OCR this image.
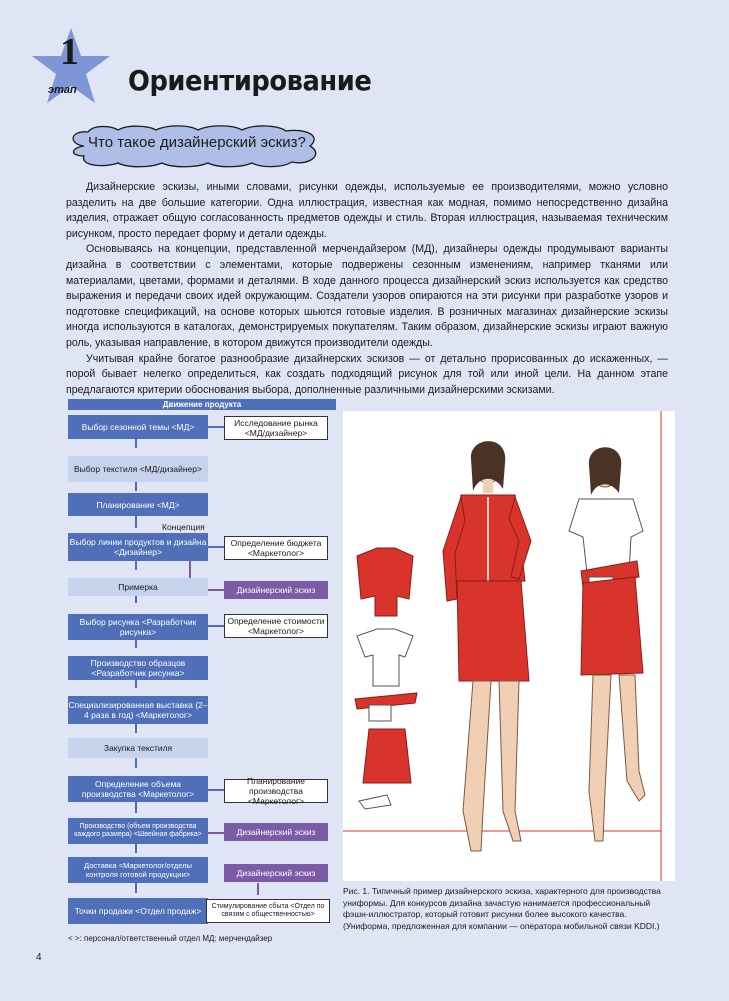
1
этап Ориентирование
Что такое дизайнерский эскиз?

Дизайнерские эскизы, иными словами, рисунки одежды, используемые ее производителями, можно условно разделить на две большие категории. Одна иллюстрация, известная как модная, помимо непосредственно дизайна изделия, отражает общую согласованность предметов одежды и стиль. Вторая иллюстрация, называемая техническим рисунком, просто передает форму и детали одежды.

Основываясь на концепции, представленной мерчендайзером (МД), дизайнеры одежды продумывают варианты дизайна в соответствии с элементами, которые подвержены сезонным изменениям, например тканями или материалами, цветами, формами и деталями. В ходе данного процесса дизайнерский эскиз используется как средство выражения и передачи своих идей окружающим. Создатели узоров опираются на эти рисунки при разработке узоров и подготовке спецификаций, на основе которых шьются готовые изделия. В розничных магазинах дизайнерские эскизы иногда используются в каталогах, демонстрируемых покупателям. Таким образом, дизайнерские эскизы играют важную роль, указывая направление, в котором движутся производители одежды.

Учитывая крайне богатое разнообразие дизайнерских эскизов — от детально прорисованных до искаженных, — порой бывает нелегко определиться, как создать подходящий рисунок для той или иной цели. На данном этапе предлагаются критерии обоснования выбора, дополненные различными дизайнерскими эскизами.

Движение продукта
Выбор сезонной темы <МД>
Выбор текстиля <МД/дизайнер>
Планирование <МД>
Концепция
Выбор линии продуктов и дизайна <Дизайнер>
Примерка
Выбор рисунка <Разработчик рисунка>
Производство образцов <Разработчик рисунка>
Специализированная выставка (2–4 раза в год) <Маркетолог>
Закупка текстиля
Определение объема производства <Маркетолог>
Производство (объем производства каждого размера) <Швейная фабрика>
Доставка <Маркетолог/отделы контроля готовой продукции>
Точки продажи <Отдел продаж>
Исследование рынка <МД/дизайнер>
Определение бюджета <Маркетолог>
Дизайнерский эскиз
Определение стоимости <Маркетолог>
Планирование производства <Маркетолог>
Дизайнерский эскиз
Дизайнерский эскиз
Стимулирование сбыта <Отдел по связям с общественностью>
< >: персонал/ответственный отдел МД: мерчендайзер
Рис. 1. Типичный пример дизайнерского эскиза, характерного для производства униформы. Для конкурсов дизайна зачастую нанимается профессиональный фэшн-иллюстратор, который готовит рисунки более высокого качества. (Униформа, предложенная для компании — оператора мобильной связи KDDI.)
4
